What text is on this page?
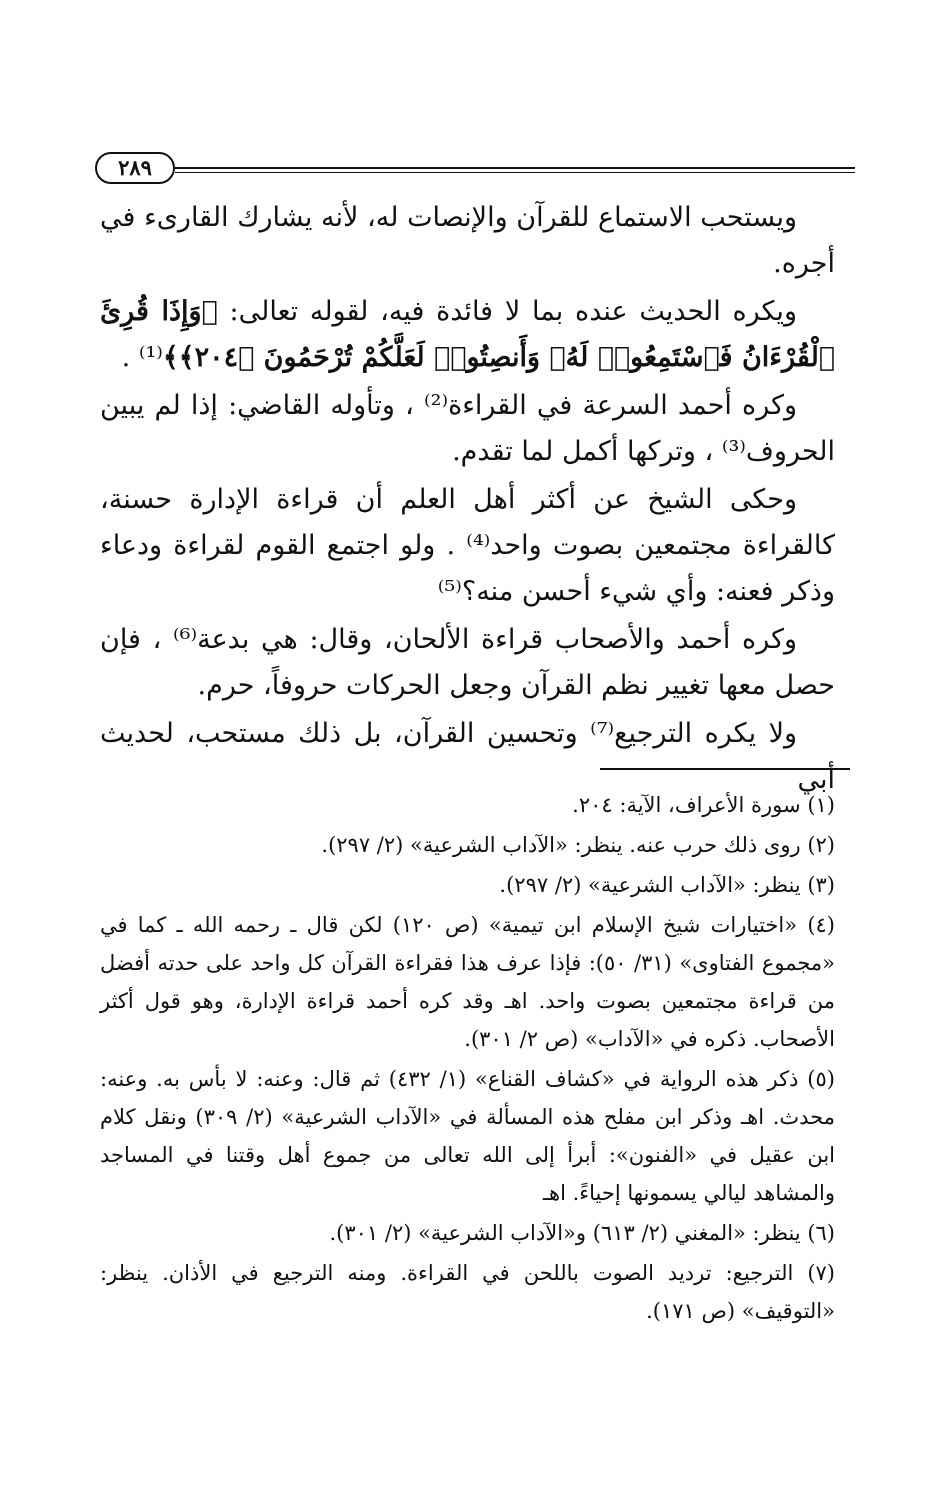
٢٨٩

ويستحب الاستماع للقرآن والإنصات له، لأنه يشارك القارىء في أجره.

ويكره الحديث عنده بما لا فائدة فيه، لقوله تعالى: ﴿وَإِذَا قُرِئَ ٱلْقُرْءَانُ فَٱسْتَمِعُوا۟ لَهُۥ وَأَنصِتُوا۟ لَعَلَّكُمْ تُرْحَمُونَ ﴿٢٠٤﴾﴾⁽¹⁾ .

وكره أحمد السرعة في القراءة⁽²⁾ ، وتأوله القاضي: إذا لم يبين الحروف⁽³⁾ ، وتركها أكمل لما تقدم.

وحكى الشيخ عن أكثر أهل العلم أن قراءة الإدارة حسنة، كالقراءة مجتمعين بصوت واحد⁽⁴⁾ . ولو اجتمع القوم لقراءة ودعاء وذكر فعنه: وأي شيء أحسن منه؟⁽⁵⁾

وكره أحمد والأصحاب قراءة الألحان، وقال: هي بدعة⁽⁶⁾ ، فإن حصل معها تغيير نظم القرآن وجعل الحركات حروفاً، حرم.

ولا يكره الترجيع⁽⁷⁾ وتحسين القرآن، بل ذلك مستحب، لحديث أبي

(١) سورة الأعراف، الآية: ٢٠٤.

(٢) روى ذلك حرب عنه. ينظر: «الآداب الشرعية» (٢/ ٢٩٧).

(٣) ينظر: «الآداب الشرعية» (٢/ ٢٩٧).

(٤) «اختيارات شيخ الإسلام ابن تيمية» (ص ١٢٠) لكن قال ـ رحمه الله ـ كما في «مجموع الفتاوى» (٣١/ ٥٠): فإذا عرف هذا فقراءة القرآن كل واحد على حدته أفضل من قراءة مجتمعين بصوت واحد. اهـ وقد كره أحمد قراءة الإدارة، وهو قول أكثر الأصحاب. ذكره في «الآداب» (ص ٢/ ٣٠١).

(٥) ذكر هذه الرواية في «كشاف القناع» (١/ ٤٣٢) ثم قال: وعنه: لا بأس به. وعنه: محدث. اهـ وذكر ابن مفلح هذه المسألة في «الآداب الشرعية» (٢/ ٣٠٩) ونقل كلام ابن عقيل في «الفنون»: أبرأ إلى الله تعالى من جموع أهل وقتنا في المساجد والمشاهد ليالي يسمونها إحياءً. اهـ

(٦) ينظر: «المغني (٢/ ٦١٣) و«الآداب الشرعية» (٢/ ٣٠١).

(٧) الترجيع: ترديد الصوت باللحن في القراءة. ومنه الترجيع في الأذان. ينظر: «التوقيف» (ص ١٧١).
